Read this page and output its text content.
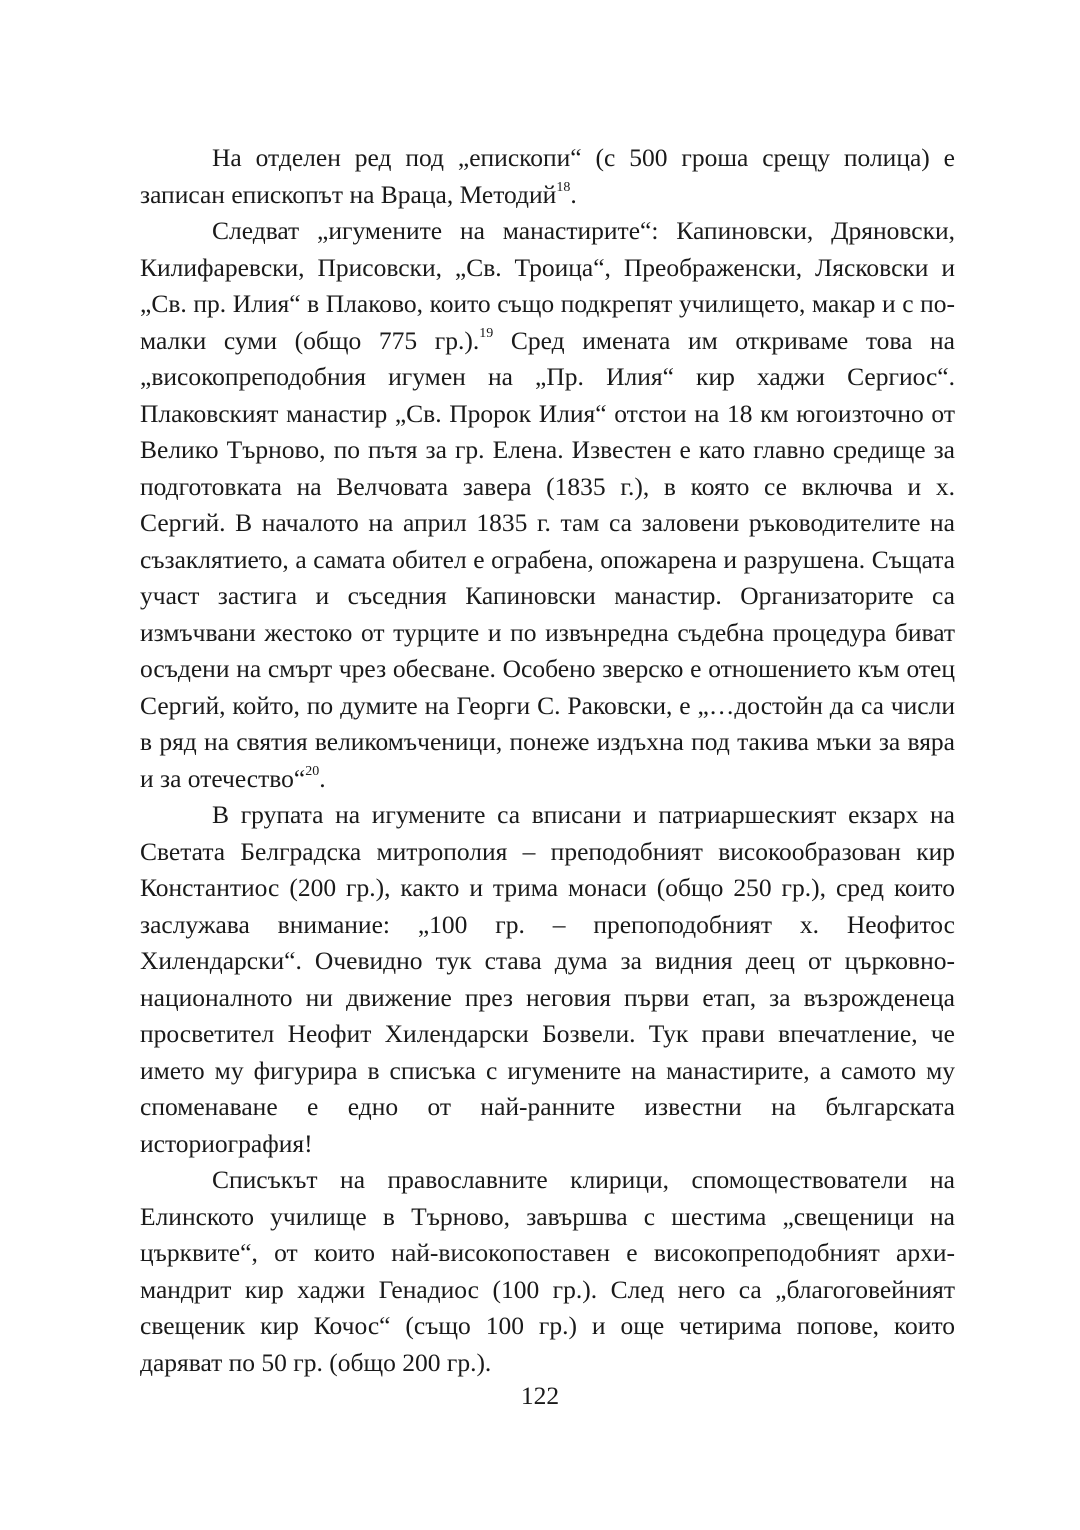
На отделен ред под „епископи“ (с 500 гроша срещу полица) е записан епископът на Враца, Методий$^{18}$.

Следват „игумените на манастирите“: Капиновски, Дряновски, Килифаревски, Присовски, „Св. Троица“, Преображенски, Лясковски и „Св. пр. Илия“ в Плаково, които също подкрепят училището, макар и с по-малки суми (общо 775 гр.).$^{19}$ Сред имената им откриваме това на „високопреподобния игумен на „Пр. Илия“ кир хаджи Сергиос“. Плаковският манастир „Св. Пророк Илия“ отстои на 18 км югоизточно от Велико Търново, по пътя за гр. Елена. Известен е като главно средище за подготовката на Велчовата завера (1835 г.), в която се включва и х. Сергий. В началото на април 1835 г. там са заловени ръководителите на съзаклятието, а самата обител е ограбена, опожарена и разрушена. Същата участ застига и съседния Капиновски манастир. Организаторите са измъчвани жестоко от турците и по извънредна съдебна процедура биват осъдени на смърт чрез обесване. Особено зверско е отношението към отец Сергий, който, по думите на Георги С. Раковски, е „…достойн да са числи в ряд на святия великомъченици, понеже издъхна под такива мъки за вяра и за отечество“$^{20}$.

В групата на игумените са вписани и патриаршеският екзарх на Светата Белградска митрополия – преподобният високообразован кир Константиос (200 гр.), както и трима монаси (общо 250 гр.), сред които заслужава внимание: „100 гр. – препоподобният х. Неофитос Хилендарски“. Очевидно тук става дума за видния деец от църковнонационалното ни движение през неговия първи етап, за възрожденеца просветител Неофит Хилендарски Бозвели. Тук прави впечатление, че името му фигурира в списъка с игумените на манастирите, а самото му споменаване е едно от най-ранните известни на българската историография!

Списъкът на православните клирици, спомоществователи на Елинското училище в Търново, завършва с шестима „свещеници на църквите“, от които най-високопоставен е високопреподобният архимандрит кир хаджи Генадиос (100 гр.). След него са „благоговейният свещеник кир Кочос“ (също 100 гр.) и още четирима попове, които даряват по 50 гр. (общо 200 гр.).

122
